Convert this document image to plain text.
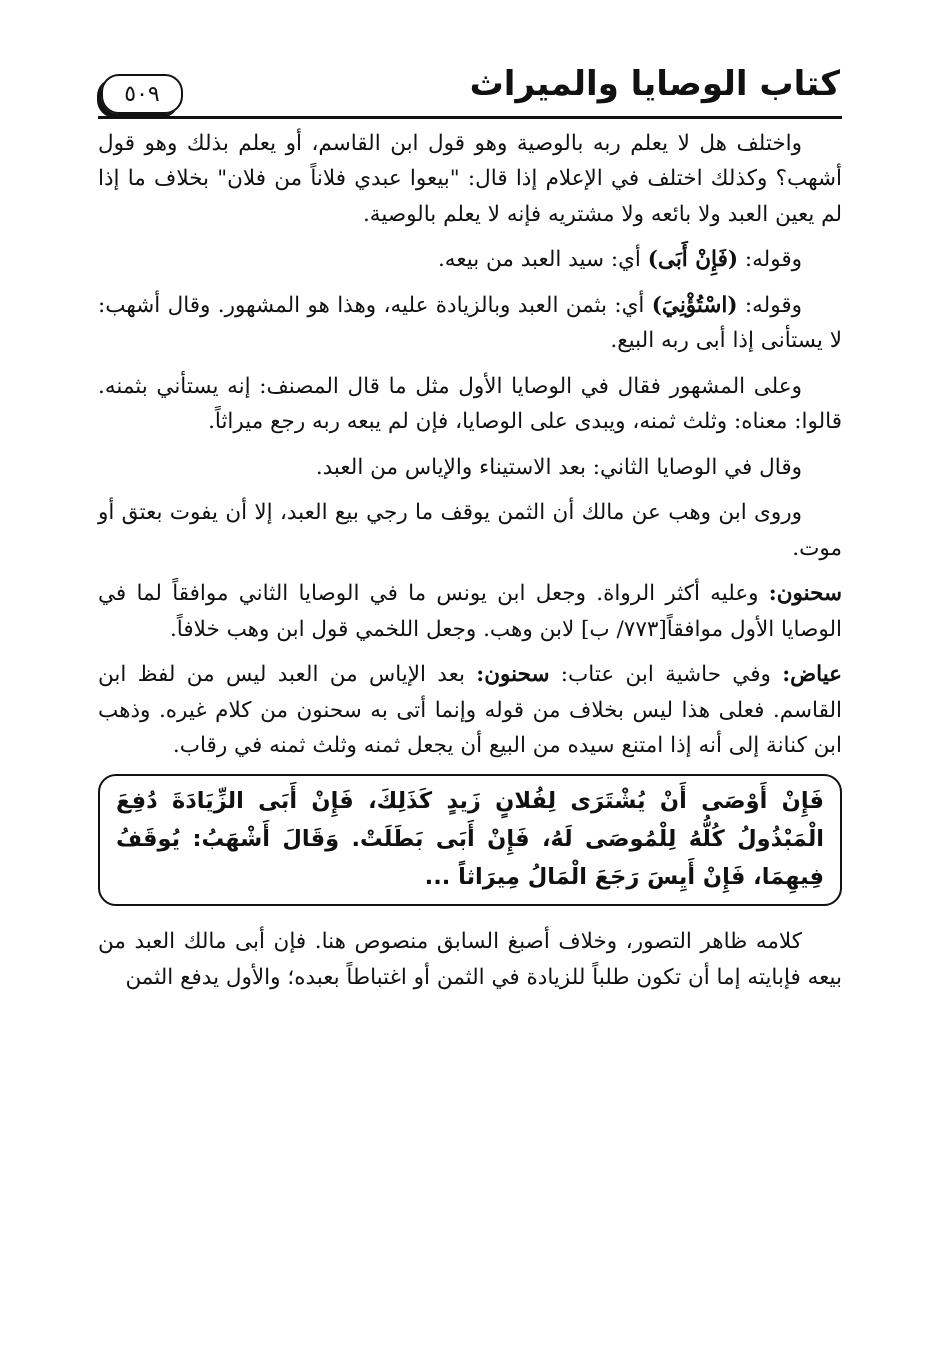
كتاب الوصايا والميراث
٥٠٩

واختلف هل لا يعلم ربه بالوصية وهو قول ابن القاسم، أو يعلم بذلك وهو قول أشهب؟ وكذلك اختلف في الإعلام إذا قال: "بيعوا عبدي فلاناً من فلان" بخلاف ما إذا لم يعين العبد ولا بائعه ولا مشتريه فإنه لا يعلم بالوصية.

وقوله: (فَإِنْ أَبَى) أي: سيد العبد من بيعه.

وقوله: (اسْتُؤْنِيَ) أي: بثمن العبد وبالزيادة عليه، وهذا هو المشهور. وقال أشهب: لا يستأنى إذا أبى ربه البيع.

وعلى المشهور فقال في الوصايا الأول مثل ما قال المصنف: إنه يستأني بثمنه. قالوا: معناه: وثلث ثمنه، ويبدى على الوصايا، فإن لم يبعه ربه رجع ميراثاً.

وقال في الوصايا الثاني: بعد الاستيناء والإياس من العبد.

وروى ابن وهب عن مالك أن الثمن يوقف ما رجي بيع العبد، إلا أن يفوت بعتق أو موت.

سحنون: وعليه أكثر الرواة. وجعل ابن يونس ما في الوصايا الثاني موافقاً لما في الوصايا الأول موافقاً[٧٧٣/ ب] لابن وهب. وجعل اللخمي قول ابن وهب خلافاً.

عياض: وفي حاشية ابن عتاب: سحنون: بعد الإياس من العبد ليس من لفظ ابن القاسم. فعلى هذا ليس بخلاف من قوله وإنما أتى به سحنون من كلام غيره. وذهب ابن كنانة إلى أنه إذا امتنع سيده من البيع أن يجعل ثمنه وثلث ثمنه في رقاب.

فَإِنْ أَوْصَى أَنْ يُشْتَرَى لِفُلانٍ زَيدٍ كَذَلِكَ، فَإِنْ أَبَى الزِّيَادَةَ دُفِعَ الْمَبْذُولُ كُلُّهُ لِلْمُوصَى لَهُ، فَإِنْ أَبَى بَطَلَتْ. وَقَالَ أَشْهَبُ: يُوقَفُ فِيهِمَا، فَإِنْ أَيِسَ رَجَعَ الْمَالُ مِيرَاثاً ...

كلامه ظاهر التصور، وخلاف أصبغ السابق منصوص هنا. فإن أبى مالك العبد من بيعه فإبايته إما أن تكون طلباً للزيادة في الثمن أو اغتباطاً بعبده؛ والأول يدفع الثمن
